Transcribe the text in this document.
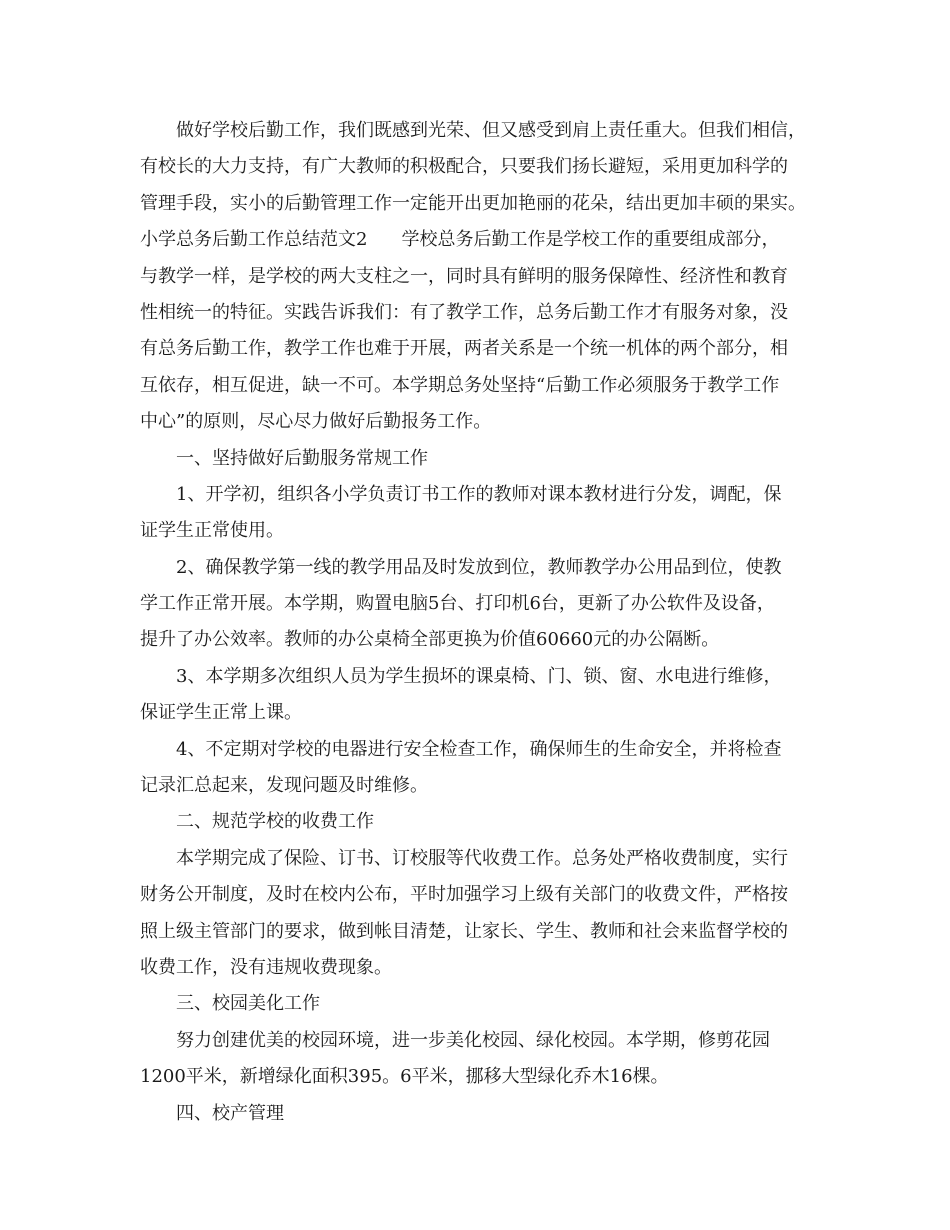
做好学校后勤工作，我们既感到光荣、但又感受到肩上责任重大。但我们相信，
有校长的大力支持，有广大教师的积极配合，只要我们扬长避短，采用更加科学的
管理手段，实小的后勤管理工作一定能开出更加艳丽的花朵，结出更加丰硕的果实。
小学总务后勤工作总结范文2 学校总务后勤工作是学校工作的重要组成部分，
与教学一样，是学校的两大支柱之一，同时具有鲜明的服务保障性、经济性和教育
性相统一的特征。实践告诉我们：有了教学工作，总务后勤工作才有服务对象，没
有总务后勤工作，教学工作也难于开展，两者关系是一个统一机体的两个部分，相
互依存，相互促进，缺一不可。本学期总务处坚持“后勤工作必须服务于教学工作
中心”的原则，尽心尽力做好后勤报务工作。
一、坚持做好后勤服务常规工作
1、开学初，组织各小学负责订书工作的教师对课本教材进行分发，调配，保
证学生正常使用。
2、确保教学第一线的教学用品及时发放到位，教师教学办公用品到位，使教
学工作正常开展。本学期，购置电脑5台、打印机6台，更新了办公软件及设备，
提升了办公效率。教师的办公桌椅全部更换为价值60660元的办公隔断。
3、本学期多次组织人员为学生损坏的课桌椅、门、锁、窗、水电进行维修，
保证学生正常上课。
4、不定期对学校的电器进行安全检查工作，确保师生的生命安全，并将检查
记录汇总起来，发现问题及时维修。
二、规范学校的收费工作
本学期完成了保险、订书、订校服等代收费工作。总务处严格收费制度，实行
财务公开制度，及时在校内公布，平时加强学习上级有关部门的收费文件，严格按
照上级主管部门的要求，做到帐目清楚，让家长、学生、教师和社会来监督学校的
收费工作，没有违规收费现象。
三、校园美化工作
努力创建优美的校园环境，进一步美化校园、绿化校园。本学期，修剪花园
1200平米，新增绿化面积395。6平米，挪移大型绿化乔木16棵。
四、校产管理
